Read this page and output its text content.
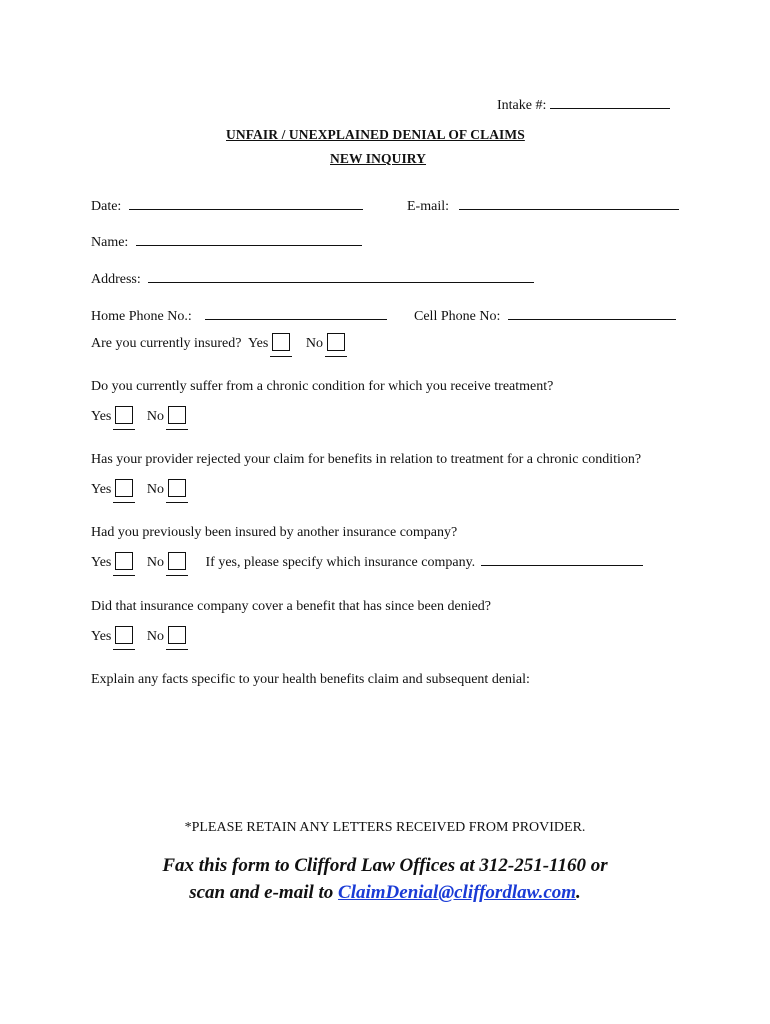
Intake #:
UNFAIR / UNEXPLAINED DENIAL OF CLAIMS
NEW INQUIRY
Date:	E-mail:
Name:
Address:
Home Phone No.:	Cell Phone No:
Are you currently insured? Yes	No
Do you currently suffer from a chronic condition for which you receive treatment?
Yes	No
Has your provider rejected your claim for benefits in relation to treatment for a chronic condition?
Yes	No
Had you previously been insured by another insurance company?
Yes	No	If yes, please specify which insurance company.
Did that insurance company cover a benefit that has since been denied?
Yes	No
Explain any facts specific to your health benefits claim and subsequent denial:
*PLEASE RETAIN ANY LETTERS RECEIVED FROM PROVIDER.
Fax this form to Clifford Law Offices at 312-251-1160 or
scan and e-mail to ClaimDenial@cliffordlaw.com.
